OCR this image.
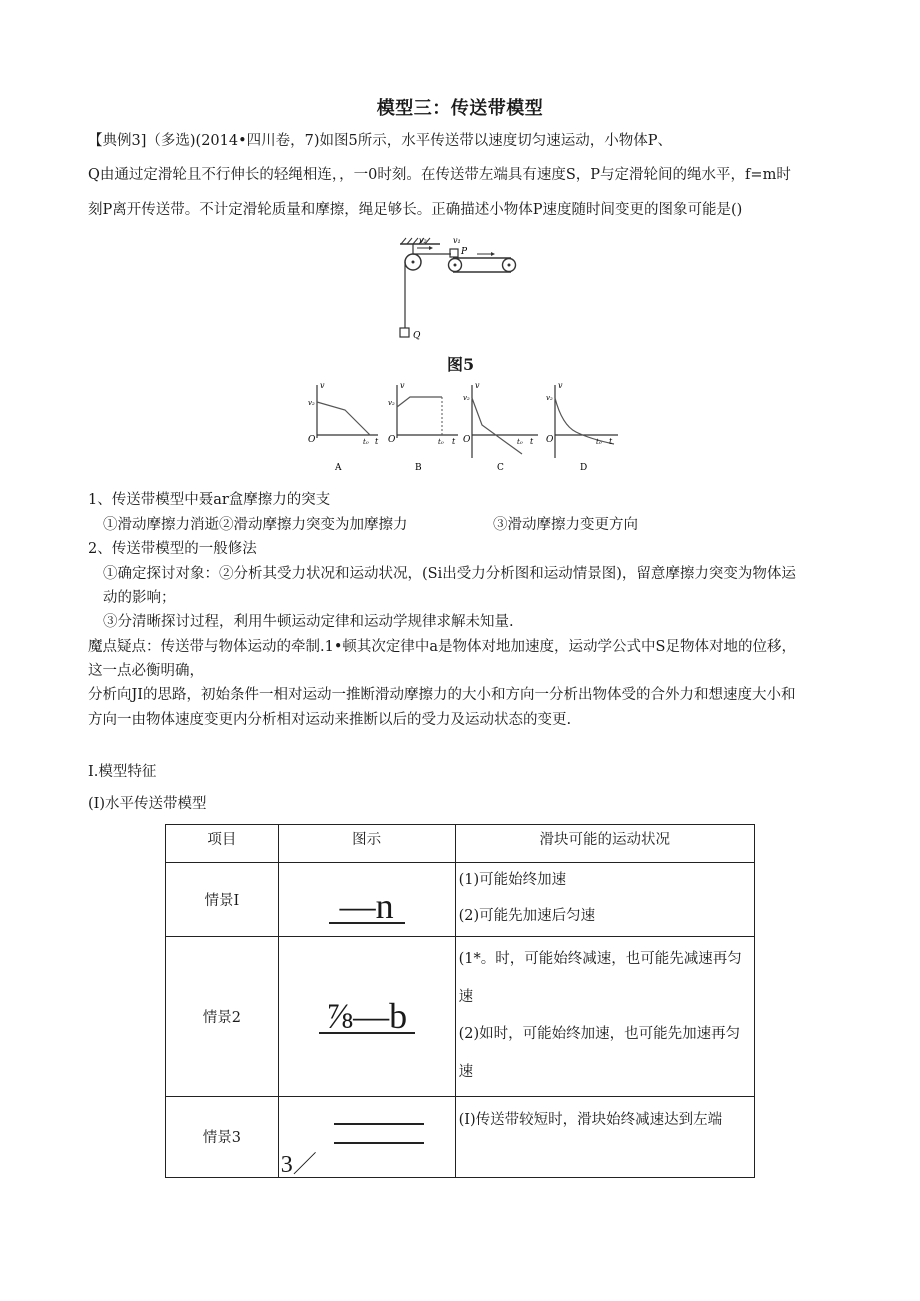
模型三：传送带模型
【典例3]（多选)(2014•四川卷，7)如图5所示，水平传送带以速度切匀速运动，小物体P、
Q由通过定滑轮且不行伸长的轻绳相连，，一0时刻。在传送带左端具有速度S，P与定滑轮间的绳水平，f=m时
刻P离开传送带。不计定滑轮质量和摩擦，绳足够长。正确描述小物体P速度随时间变更的图象可能是()
v₂	v₁
P
Q
图5
v
v₂
O	t₀ t
A
v
v₂
O	t₀ t
B
v
v₂
O	t₀ t
C
v
v₂
O	t₀ t
D
1、传送带模型中聂ar盒摩擦力的突支
①滑动摩擦力消逝②滑动摩擦力突变为加摩擦力	③滑动摩擦力变更方向
2、传送带模型的一般修法
①确定探讨对象：②分析其受力状况和运动状况，(Si出受力分析图和运动情景图)，留意摩擦力突变为物体运
动的影响；
③分清晰探讨过程，利用牛顿运动定律和运动学规律求解未知量.
魔点疑点：传送带与物体运动的牵制.1•顿其次定律中a是物体对地加速度，运动学公式中S足物体对地的位移，
这一点必衡明确，
分析向JI的思路，初始条件一相对运动一推断滑动摩擦力的大小和方向一分析出物体受的合外力和想速度大小和
方向一由物体速度变更内分析相对运动来推断以后的受力及运动状态的变更.
I.模型特征
(I)水平传送带模型
项目	图示	滑块可能的运动状况
情景I	—n	(1)可能始终加速
(2)可能先加速后匀速

情景2	⅞—b	(1*。时，可能始终减速，也可能先减速再匀速
(2)如时，可能始终加速，也可能先加速再匀速

情景3	3／	(I)传送带较短时，滑块始终减速达到左端
